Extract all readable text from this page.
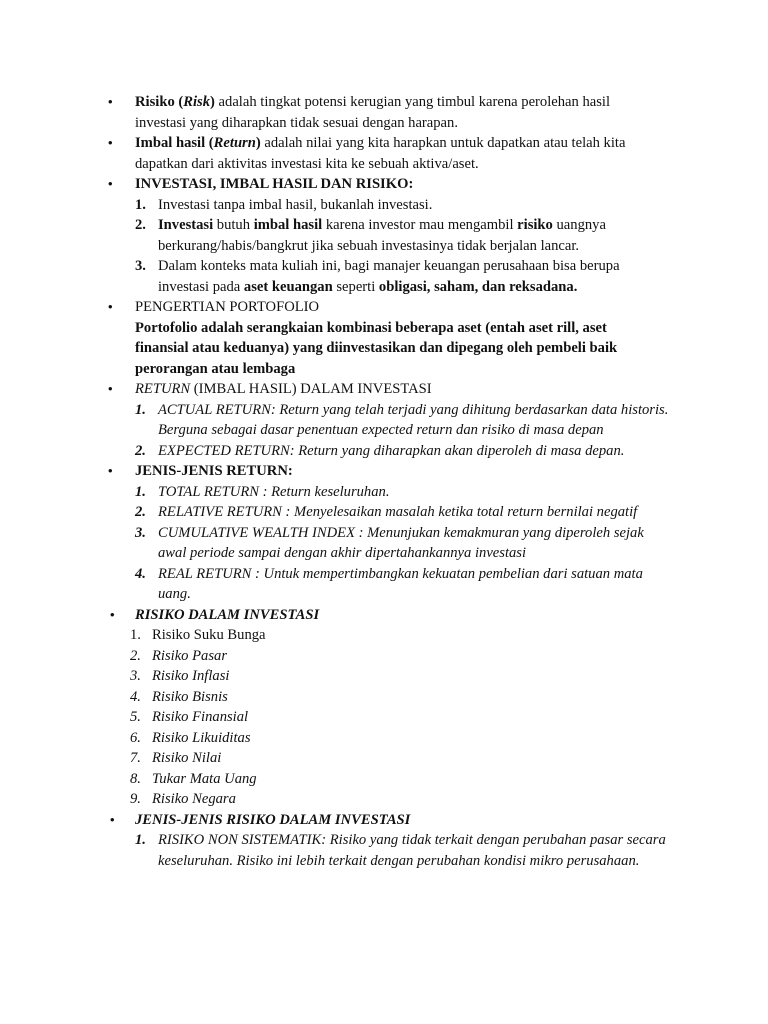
• Risiko (Risk) adalah tingkat potensi kerugian yang timbul karena perolehan hasil investasi yang diharapkan tidak sesuai dengan harapan.
• Imbal hasil (Return) adalah nilai yang kita harapkan untuk dapatkan atau telah kita dapatkan dari aktivitas investasi kita ke sebuah aktiva/aset.
• INVESTASI, IMBAL HASIL DAN RISIKO:
1. Investasi tanpa imbal hasil, bukanlah investasi.
2. Investasi butuh imbal hasil karena investor mau mengambil risiko uangnya berkurang/habis/bangkrut jika sebuah investasinya tidak berjalan lancar.
3. Dalam konteks mata kuliah ini, bagi manajer keuangan perusahaan bisa berupa investasi pada aset keuangan seperti obligasi, saham, dan reksadana.
• PENGERTIAN PORTOFOLIO
Portofolio adalah serangkaian kombinasi beberapa aset (entah aset rill, aset finansial atau keduanya) yang diinvestasikan dan dipegang oleh pembeli baik perorangan atau lembaga
• RETURN (IMBAL HASIL) DALAM INVESTASI
1. ACTUAL RETURN: Return yang telah terjadi yang dihitung berdasarkan data historis. Berguna sebagai dasar penentuan expected return dan risiko di masa depan
2. EXPECTED RETURN: Return yang diharapkan akan diperoleh di masa depan.
• JENIS-JENIS RETURN:
1. TOTAL RETURN : Return keseluruhan.
2. RELATIVE RETURN : Menyelesaikan masalah ketika total return bernilai negatif
3. CUMULATIVE WEALTH INDEX : Menunjukan kemakmuran yang diperoleh sejak awal periode sampai dengan akhir dipertahankannya investasi
4. REAL RETURN : Untuk mempertimbangkan kekuatan pembelian dari satuan mata uang.
• RISIKO DALAM INVESTASI
1. Risiko Suku Bunga
2. Risiko Pasar
3. Risiko Inflasi
4. Risiko Bisnis
5. Risiko Finansial
6. Risiko Likuiditas
7. Risiko Nilai
8. Tukar Mata Uang
9. Risiko Negara
• JENIS-JENIS RISIKO DALAM INVESTASI
1. RISIKO NON SISTEMATIK: Risiko yang tidak terkait dengan perubahan pasar secara keseluruhan. Risiko ini lebih terkait dengan perubahan kondisi mikro perusahaan.
